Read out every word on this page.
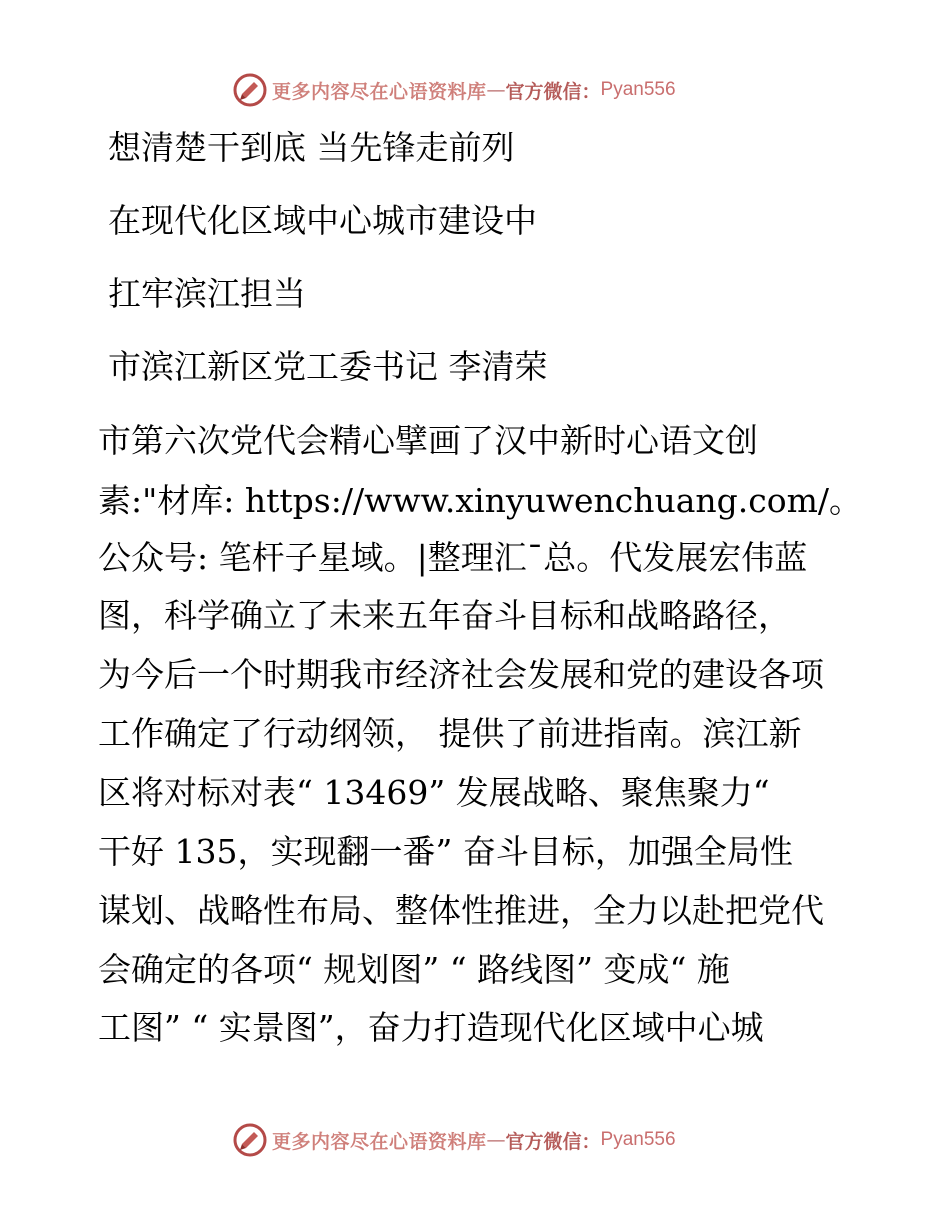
更多内容尽在心语资料库 — 官方微信： Pyan556
想清楚干到底 当先锋走前列
在现代化区域中心城市建设中
扛牢滨江担当
市滨江新区党工委书记 李清荣
市第六次党代会精心擘画了汉中新时心语文创
素:"材库: https://www.xinyuwenchuang.com/。
公众号: 笔杆子星域。|整理汇¯总。代发展宏伟蓝
图，科学确立了未来五年奋斗目标和战略路径，
为今后一个时期我市经济社会发展和党的建设各项
工作确定了行动纲领， 提供了前进指南。滨江新
区将对标对表“ 13469” 发展战略、聚焦聚力“
干好 135，实现翻一番” 奋斗目标，加强全局性
谋划、战略性布局、整体性推进，全力以赴把党代
会确定的各项“ 规划图” “ 路线图” 变成“ 施
工图” “ 实景图”，奋力打造现代化区域中心城
更多内容尽在心语资料库 — 官方微信： Pyan556
